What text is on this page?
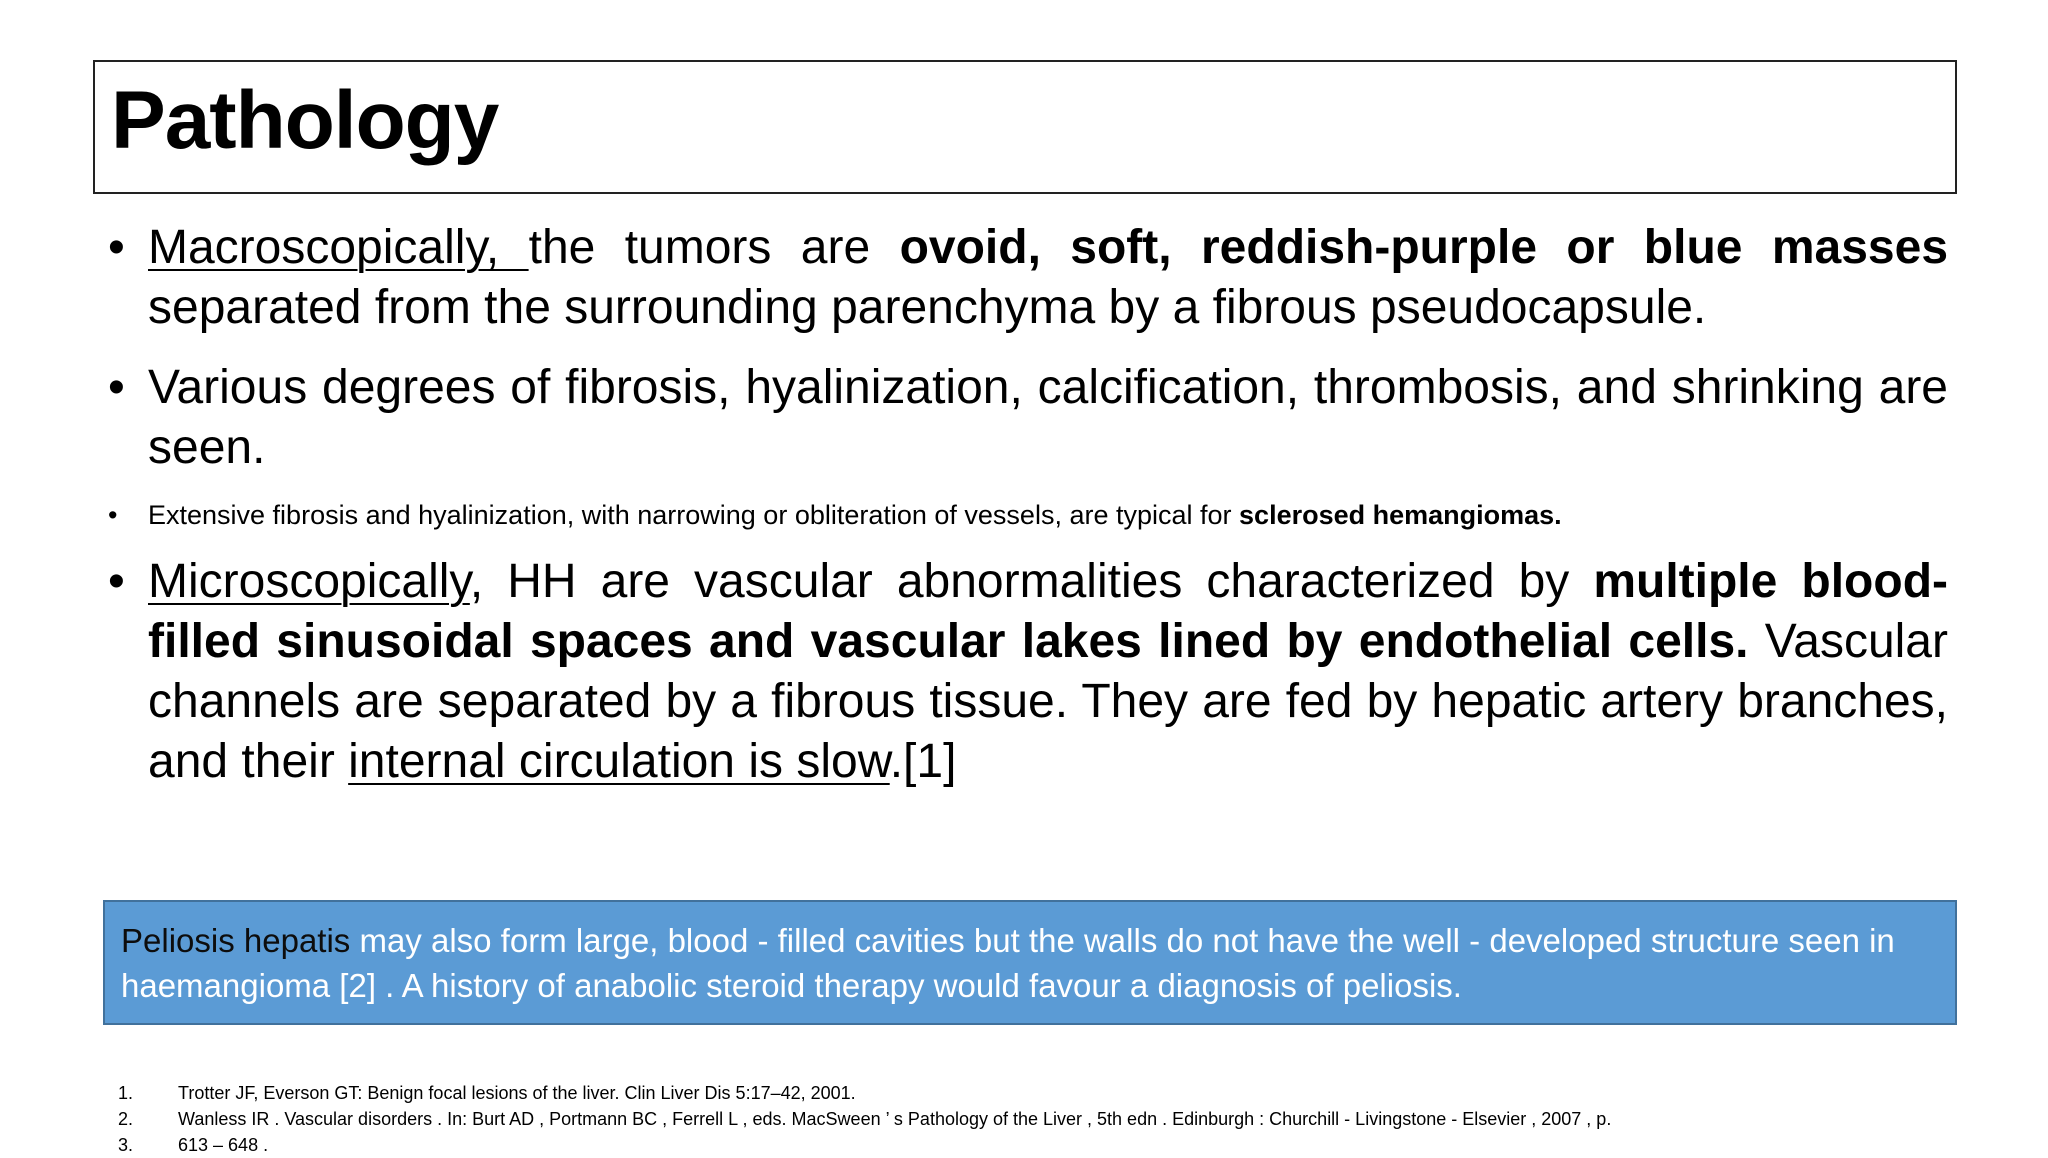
Pathology
• Macroscopically, the tumors are ovoid, soft, reddish-purple or blue masses separated from the surrounding parenchyma by a fibrous pseudocapsule.
• Various degrees of fibrosis, hyalinization, calcification, thrombosis, and shrinking are seen.
• Extensive fibrosis and hyalinization, with narrowing or obliteration of vessels, are typical for sclerosed hemangiomas.
• Microscopically, HH are vascular abnormalities characterized by multiple blood-filled sinusoidal spaces and vascular lakes lined by endothelial cells. Vascular channels are separated by a fibrous tissue. They are fed by hepatic artery branches, and their internal circulation is slow.[1]
Peliosis hepatis may also form large, blood - filled cavities but the walls do not have the well - developed structure seen in haemangioma [2] . A history of anabolic steroid therapy would favour a diagnosis of peliosis.
1. Trotter JF, Everson GT: Benign focal lesions of the liver. Clin Liver Dis 5:17–42, 2001.
2. Wanless IR . Vascular disorders . In: Burt AD , Portmann BC , Ferrell L , eds. MacSween ’ s Pathology of the Liver , 5th edn . Edinburgh : Churchill - Livingstone - Elsevier , 2007 , p.
3. 613 – 648 .
